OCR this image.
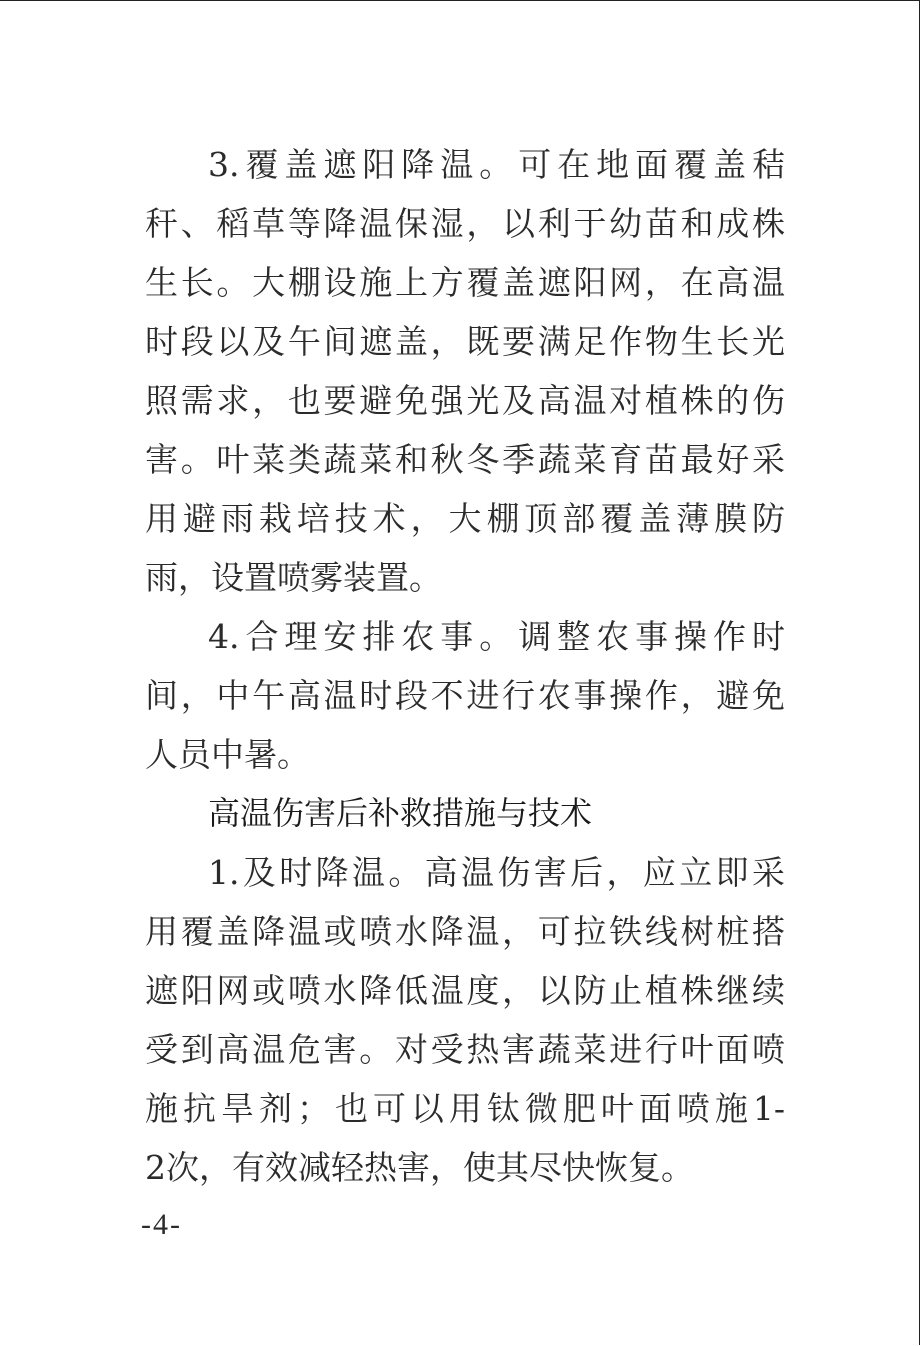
3.覆盖遮阳降温。可在地面覆盖秸
秆、稻草等降温保湿，以利于幼苗和成株
生长。大棚设施上方覆盖遮阳网，在高温
时段以及午间遮盖，既要满足作物生长光
照需求，也要避免强光及高温对植株的伤
害。叶菜类蔬菜和秋冬季蔬菜育苗最好采
用避雨栽培技术，大棚顶部覆盖薄膜防
雨，设置喷雾装置。
4.合理安排农事。调整农事操作时
间，中午高温时段不进行农事操作，避免
人员中暑。
高温伤害后补救措施与技术
1.及时降温。高温伤害后，应立即采
用覆盖降温或喷水降温，可拉铁线树桩搭
遮阳网或喷水降低温度，以防止植株继续
受到高温危害。对受热害蔬菜进行叶面喷
施抗旱剂；也可以用钛微肥叶面喷施1-
2次，有效减轻热害，使其尽快恢复。
-4-
